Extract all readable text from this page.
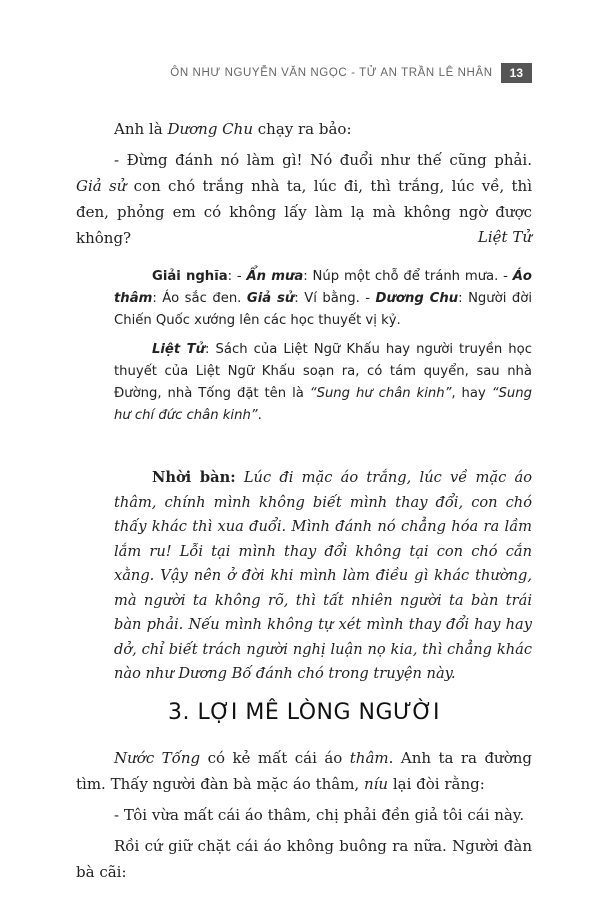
ÔN NHƯ NGUYỄN VĂN NGỌC - TỬ AN TRẦN LÊ NHÂN	13

Anh là Dương Chu chạy ra bảo:

- Đừng đánh nó làm gì! Nó đuổi như thế cũng phải. Giả sử con chó trắng nhà ta, lúc đi, thì trắng, lúc về, thì đen, phỏng em có không lấy làm lạ mà không ngờ được không?	Liệt Tử

Giải nghĩa: - Ẩn mưa: Núp một chỗ để tránh mưa. - Áo thâm: Áo sắc đen. Giả sử: Ví bằng. - Dương Chu: Người đời Chiến Quốc xướng lên các học thuyết vị kỷ.

Liệt Tử: Sách của Liệt Ngữ Khấu hay người truyền học thuyết của Liệt Ngữ Khấu soạn ra, có tám quyển, sau nhà Đường, nhà Tống đặt tên là “Sung hư chân kinh”, hay “Sung hư chí đức chân kinh”.

Nhời bàn: Lúc đi mặc áo trắng, lúc về mặc áo thâm, chính mình không biết mình thay đổi, con chó thấy khác thì xua đuổi. Mình đánh nó chẳng hóa ra lầm lắm ru! Lỗi tại mình thay đổi không tại con chó cắn xằng. Vậy nên ở đời khi mình làm điều gì khác thường, mà người ta không rõ, thì tất nhiên người ta bàn trái bàn phải. Nếu mình không tự xét mình thay đổi hay hay dở, chỉ biết trách người nghị luận nọ kia, thì chẳng khác nào như Dương Bố đánh chó trong truyện này.

3. LỢI MÊ LÒNG NGƯỜI

Nước Tống có kẻ mất cái áo thâm. Anh ta ra đường tìm. Thấy người đàn bà mặc áo thâm, níu lại đòi rằng:

- Tôi vừa mất cái áo thâm, chị phải đền giả tôi cái này.

Rồi cứ giữ chặt cái áo không buông ra nữa. Người đàn bà cãi:
